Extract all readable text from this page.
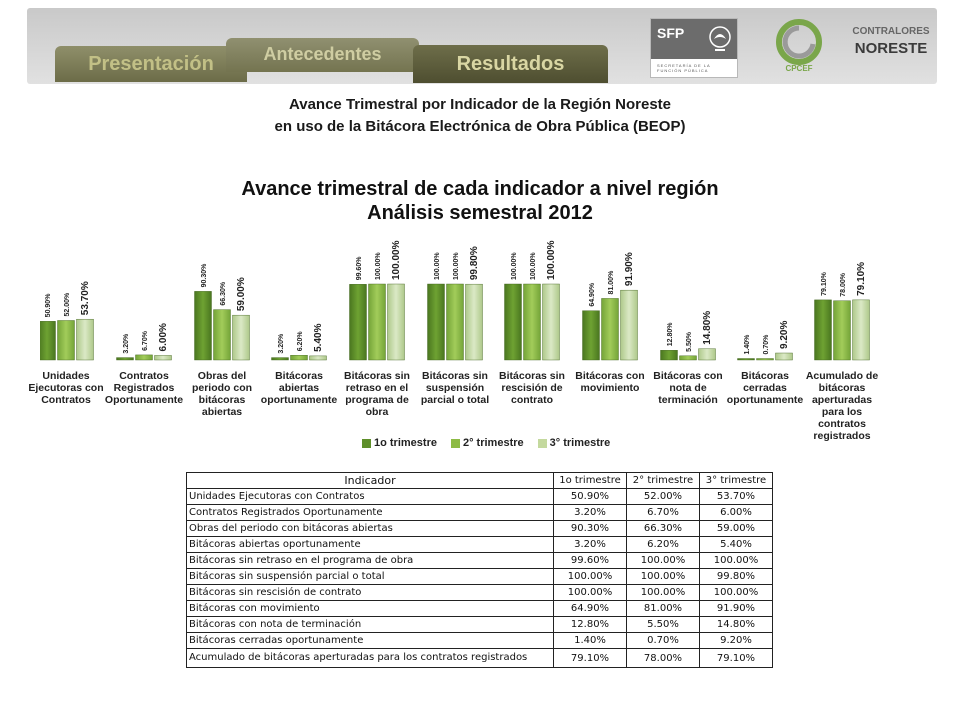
Presentación	Antecedentes	Resultados
SFP
SECRETARÍA DE LA FUNCIÓN PÚBLICA	CPCEF
CONTRALORES
NORESTE
Avance Trimestral por Indicador de la Región Noreste
en uso de la Bitácora Electrónica de Obra Pública (BEOP)
Avance trimestral de cada indicador a nivel región
Análisis semestral 2012
50.90% 52.00% 53.70%
3.20% 6.70% 6.00%
90.30%
66.30% 59.00%
3.20% 6.20% 5.40%
99.60% 100.00% 100.00%	100.00% 100.00% 99.80%	100.00% 100.00% 100.00%
64.90%
81.00% 91.90%
12.80% 5.50% 14.80%	1.40% 0.70% 9.20%
79.10% 78.00% 79.10%
Unidades Ejecutoras con Contratos
Contratos Registrados Oportunamente
Obras del periodo con bitácoras abiertas
Bitácoras abiertas oportunamente
Bitácoras sin retraso en el programa de obra
Bitácoras sin suspensión parcial o total
Bitácoras sin rescisión de contrato
Bitácoras con movimiento
Bitácoras con nota de terminación
Bitácoras cerradas oportunamente
Acumulado de bitácoras aperturadas para los contratos registrados
1o trimestre 2° trimestre 3° trimestre
Indicador	1o trimestre	2° trimestre	3° trimestre
Unidades Ejecutoras con Contratos	50.90%	52.00%	53.70%
Contratos Registrados Oportunamente	3.20%	6.70%	6.00%
Obras del periodo con bitácoras abiertas	90.30%	66.30%	59.00%
Bitácoras abiertas oportunamente	3.20%	6.20%	5.40%
Bitácoras sin retraso en el programa de obra	99.60%	100.00%	100.00%
Bitácoras sin suspensión parcial o total	100.00%	100.00%	99.80%
Bitácoras sin rescisión de contrato	100.00%	100.00%	100.00%
Bitácoras con movimiento	64.90%	81.00%	91.90%
Bitácoras con nota de terminación	12.80%	5.50%	14.80%
Bitácoras cerradas oportunamente	1.40%	0.70%	9.20%
Acumulado de bitácoras aperturadas para los contratos registrados	79.10%	78.00%	79.10%
